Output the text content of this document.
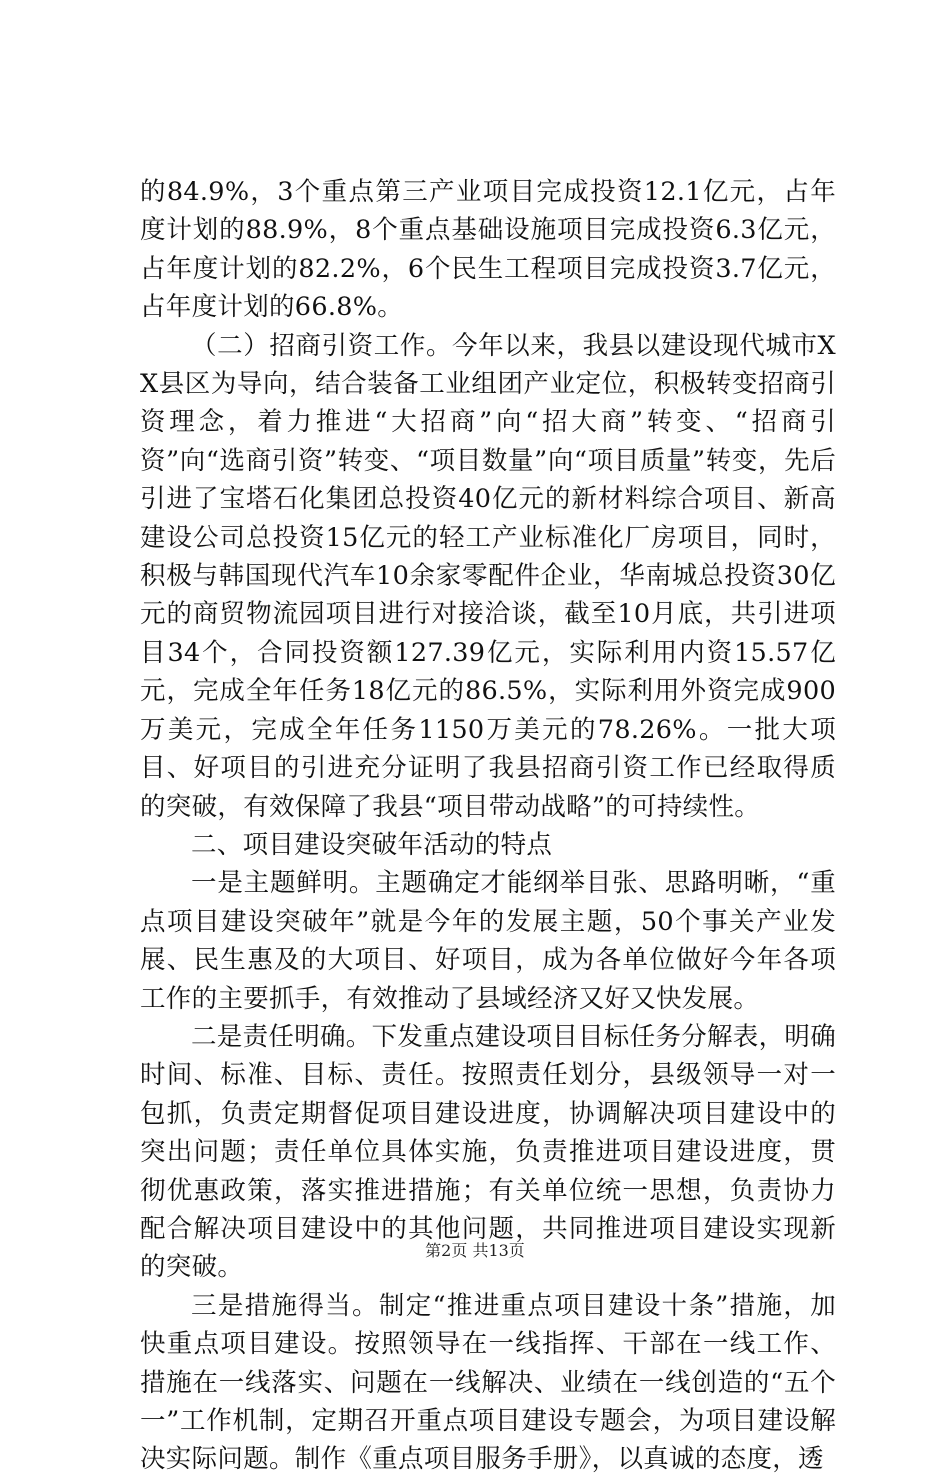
的84.9%，3个重点第三产业项目完成投资12.1亿元，占年度计划的88.9%，8个重点基础设施项目完成投资6.3亿元，占年度计划的82.2%，6个民生工程项目完成投资3.7亿元，占年度计划的66.8%。

（二）招商引资工作。今年以来，我县以建设现代城市XX县区为导向，结合装备工业组团产业定位，积极转变招商引资理念，着力推进“大招商”向“招大商”转变、“招商引资”向“选商引资”转变、“项目数量”向“项目质量”转变，先后引进了宝塔石化集团总投资40亿元的新材料综合项目、新高建设公司总投资15亿元的轻工产业标准化厂房项目，同时，积极与韩国现代汽车10余家零配件企业，华南城总投资30亿元的商贸物流园项目进行对接洽谈，截至10月底，共引进项目34个，合同投资额127.39亿元，实际利用内资15.57亿元，完成全年任务18亿元的86.5%，实际利用外资完成900万美元，完成全年任务1150万美元的78.26%。一批大项目、好项目的引进充分证明了我县招商引资工作已经取得质的突破，有效保障了我县“项目带动战略”的可持续性。

二、项目建设突破年活动的特点

一是主题鲜明。主题确定才能纲举目张、思路明晰，“重点项目建设突破年”就是今年的发展主题，50个事关产业发展、民生惠及的大项目、好项目，成为各单位做好今年各项工作的主要抓手，有效推动了县域经济又好又快发展。

二是责任明确。下发重点建设项目目标任务分解表，明确时间、标准、目标、责任。按照责任划分，县级领导一对一包抓，负责定期督促项目建设进度，协调解决项目建设中的突出问题；责任单位具体实施，负责推进项目建设进度，贯彻优惠政策，落实推进措施；有关单位统一思想，负责协力配合解决项目建设中的其他问题，共同推进项目建设实现新的突破。

三是措施得当。制定“推进重点项目建设十条”措施，加快重点项目建设。按照领导在一线指挥、干部在一线工作、措施在一线落实、问题在一线解决、业绩在一线创造的“五个一”工作机制，定期召开重点项目建设专题会，为项目建设解决实际问题。制作《重点项目服务手册》，以真诚的态度，透

第2页 共13页
